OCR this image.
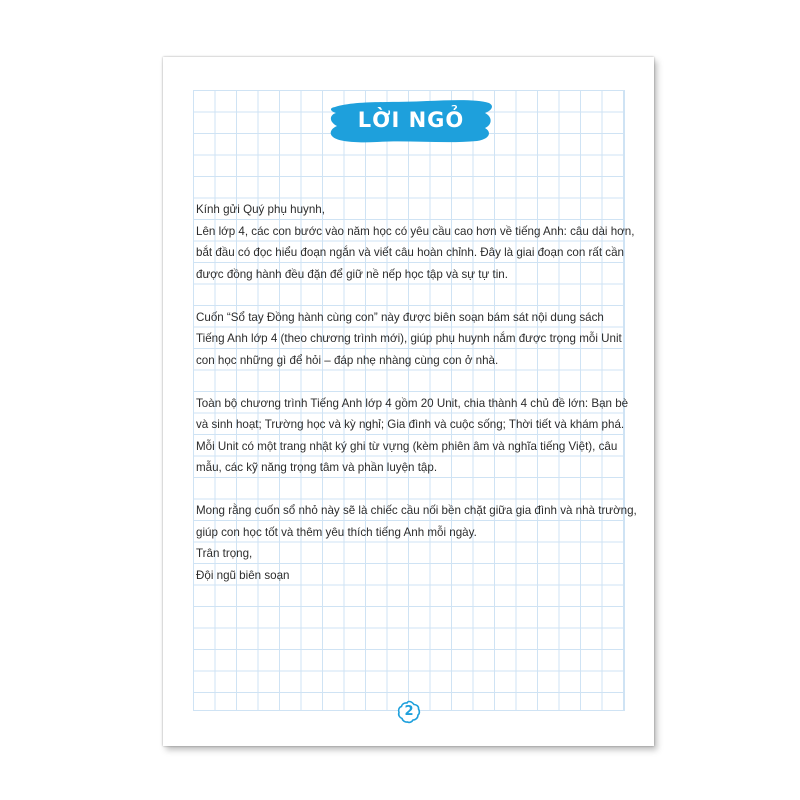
LỜI NGỎ

Kính gửi Quý phụ huynh,

Lên lớp 4, các con bước vào năm học có yêu cầu cao hơn về tiếng Anh: câu dài hơn,

bắt đầu có đọc hiểu đoạn ngắn và viết câu hoàn chỉnh. Đây là giai đoạn con rất cần

được đồng hành đều đặn để giữ nề nếp học tập và sự tự tin.

Cuốn “Sổ tay Đồng hành cùng con” này được biên soạn bám sát nội dung sách

Tiếng Anh lớp 4 (theo chương trình mới), giúp phụ huynh nắm được trọng mỗi Unit

con học những gì để hỏi – đáp nhẹ nhàng cùng con ở nhà.

Toàn bộ chương trình Tiếng Anh lớp 4 gồm 20 Unit, chia thành 4 chủ đề lớn: Bạn bè

và sinh hoạt; Trường học và kỳ nghỉ; Gia đình và cuộc sống; Thời tiết và khám phá.

Mỗi Unit có một trang nhật ký ghi từ vựng (kèm phiên âm và nghĩa tiếng Việt), câu

mẫu, các kỹ năng trọng tâm và phần luyện tập.

Mong rằng cuốn sổ nhỏ này sẽ là chiếc cầu nối bền chặt giữa gia đình và nhà trường,

giúp con học tốt và thêm yêu thích tiếng Anh mỗi ngày.

Trân trọng,

Đội ngũ biên soạn

2
